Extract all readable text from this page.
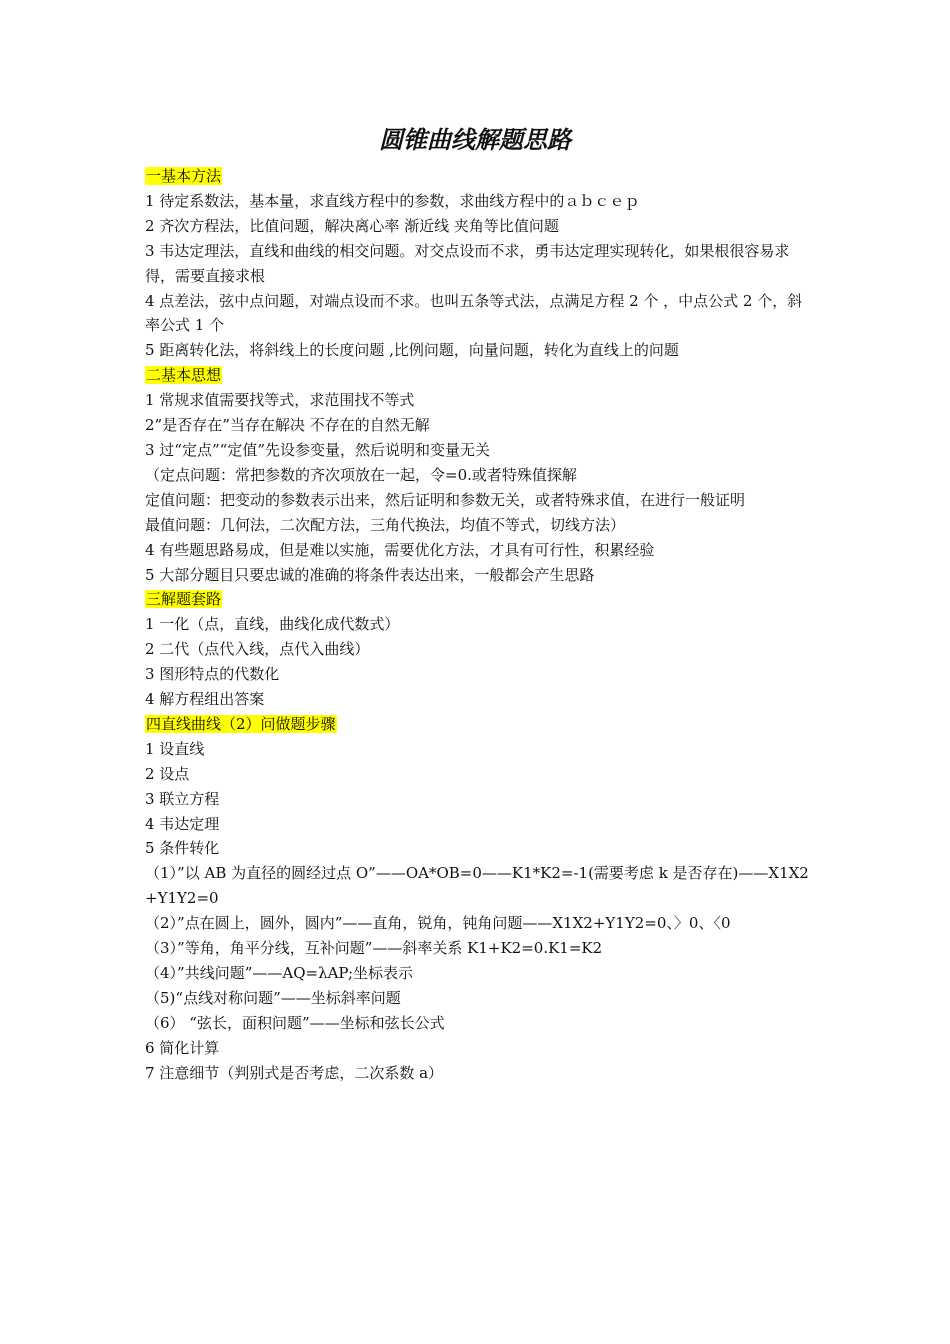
圆锥曲线解题思路
一基本方法
1 待定系数法，基本量，求直线方程中的参数，求曲线方程中的ａｂｃｅｐ
2 齐次方程法，比值问题，解决离心率 渐近线 夹角等比值问题
3 韦达定理法，直线和曲线的相交问题。对交点设而不求，勇韦达定理实现转化，如果根很容易求得，需要直接求根
4 点差法，弦中点问题，对端点设而不求。也叫五条等式法，点满足方程 2 个 ，中点公式 2 个，斜率公式 1 个
5 距离转化法，将斜线上的长度问题 ,比例问题，向量问题，转化为直线上的问题
二基本思想
1 常规求值需要找等式，求范围找不等式
2”是否存在”当存在解决 不存在的自然无解
3 过“定点”“定值”先设参变量，然后说明和变量无关
（定点问题：常把参数的齐次项放在一起，令=0.或者特殊值探解
定值问题：把变动的参数表示出来，然后证明和参数无关，或者特殊求值，在进行一般证明
最值问题：几何法，二次配方法，三角代换法，均值不等式，切线方法）
4 有些题思路易成，但是难以实施，需要优化方法，才具有可行性，积累经验
5 大部分题目只要忠诚的准确的将条件表达出来，一般都会产生思路
三解题套路
1 一化（点，直线，曲线化成代数式）
2 二代（点代入线，点代入曲线）
3 图形特点的代数化
4 解方程组出答案
四直线曲线（2）问做题步骤
1 设直线
2 设点
3 联立方程
4 韦达定理
5 条件转化
（1）”以 AB 为直径的圆经过点 O”——OA*OB=0——K1*K2=-1(需要考虑 k 是否存在)——X1X2+Y1Y2=0
（2）”点在圆上，圆外，圆内”——直角，锐角，钝角问题——X1X2+Y1Y2=0、〉0、〈0
（3）”等角，角平分线，互补问题”——斜率关系 K1+K2=0.K1=K2
（4）”共线问题”——AQ=λAP;坐标表示
（5)“点线对称问题”——坐标斜率问题
（6） “弦长，面积问题”——坐标和弦长公式
6 简化计算
7 注意细节（判别式是否考虑，二次系数 a）
